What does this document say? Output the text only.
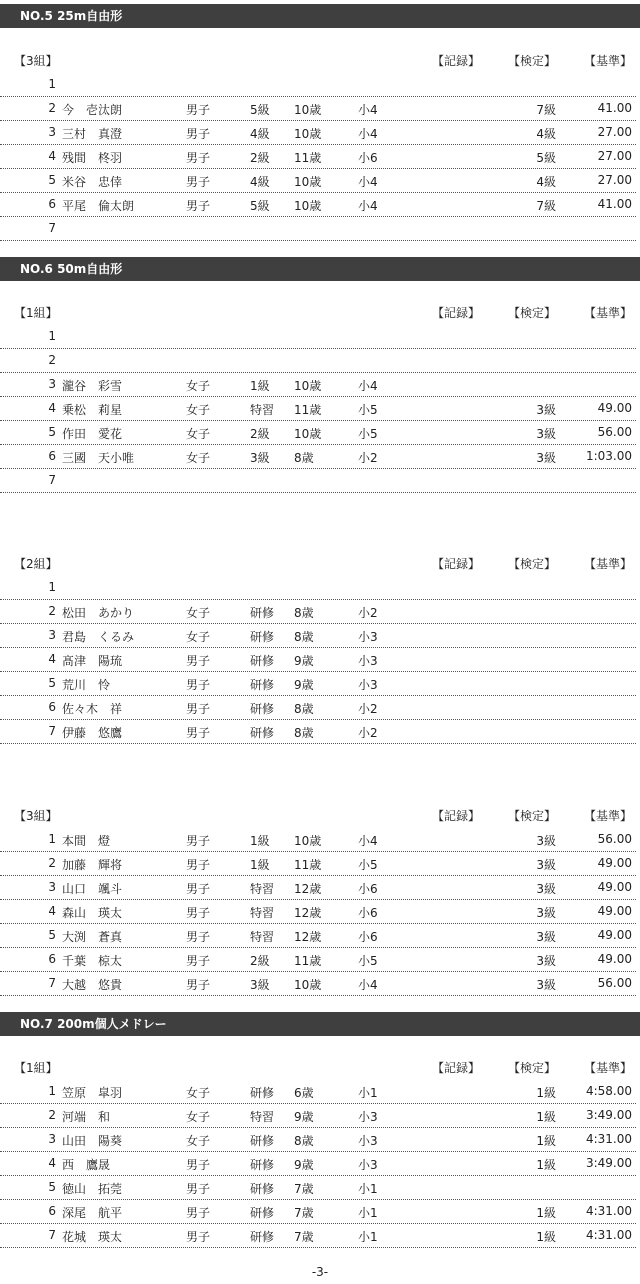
NO.5 25m自由形
【3組】	【記録】 【検定】 【基準】
1
2 今　壱汰朗	男子	5級 10歳	小4	7級	41.00
3 三村　真澄	男子	4級 10歳	小4	4級	27.00
4 残間　柊羽	男子	2級 11歳	小6	5級	27.00
5 米谷　忠倖	男子	4級 10歳	小4	4級	27.00
6 平尾　倫太朗	男子	5級 10歳	小4	7級	41.00
7
NO.6 50m自由形
【1組】	【記録】 【検定】 【基準】
1
2
3 瀧谷　彩雪	女子	1級 10歳	小4
4 乗松　莉星	女子	特習 11歳	小5	3級	49.00
5 作田　愛花	女子	2級 10歳	小5	3級	56.00
6 三國　天小唯	女子	3級 8歳	小2	3級	1:03.00
7
【2組】	【記録】 【検定】 【基準】
1
2 松田　あかり	女子	研修 8歳	小2
3 君島　くるみ	女子	研修 8歳	小3
4 髙津　陽琉	男子	研修 9歳	小3
5 荒川　怜	男子	研修 9歳	小3
6 佐々木　祥	男子	研修 8歳	小2
7 伊藤　悠鷹	男子	研修 8歳	小2
【3組】	【記録】 【検定】 【基準】
1 本間　燈	男子	1級 10歳	小4	3級	56.00
2 加藤　輝将	男子	1級 11歳	小5	3級	49.00
3 山口　颯斗	男子	特習 12歳	小6	3級	49.00
4 森山　瑛太	男子	特習 12歳	小6	3級	49.00
5 大渕　蒼真	男子	特習 12歳	小6	3級	49.00
6 千葉　椋太	男子	2級 11歳	小5	3級	49.00
7 大越　悠貴	男子	3級 10歳	小4	3級	56.00
NO.7 200m個人メドレー
【1組】	【記録】 【検定】 【基準】
1 笠原　皐羽	女子	研修 6歳	小1	1級	4:58.00
2 河端　和	女子	特習 9歳	小3	1級	3:49.00
3 山田　陽葵	女子	研修 8歳	小3	1級	4:31.00
4 西　鷹晟	男子	研修 9歳	小3	1級	3:49.00
5 徳山　拓莞	男子	研修 7歳	小1
6 深尾　航平	男子	研修 7歳	小1	1級	4:31.00
7 花城　瑛太	男子	研修 7歳	小1	1級	4:31.00
-3-
